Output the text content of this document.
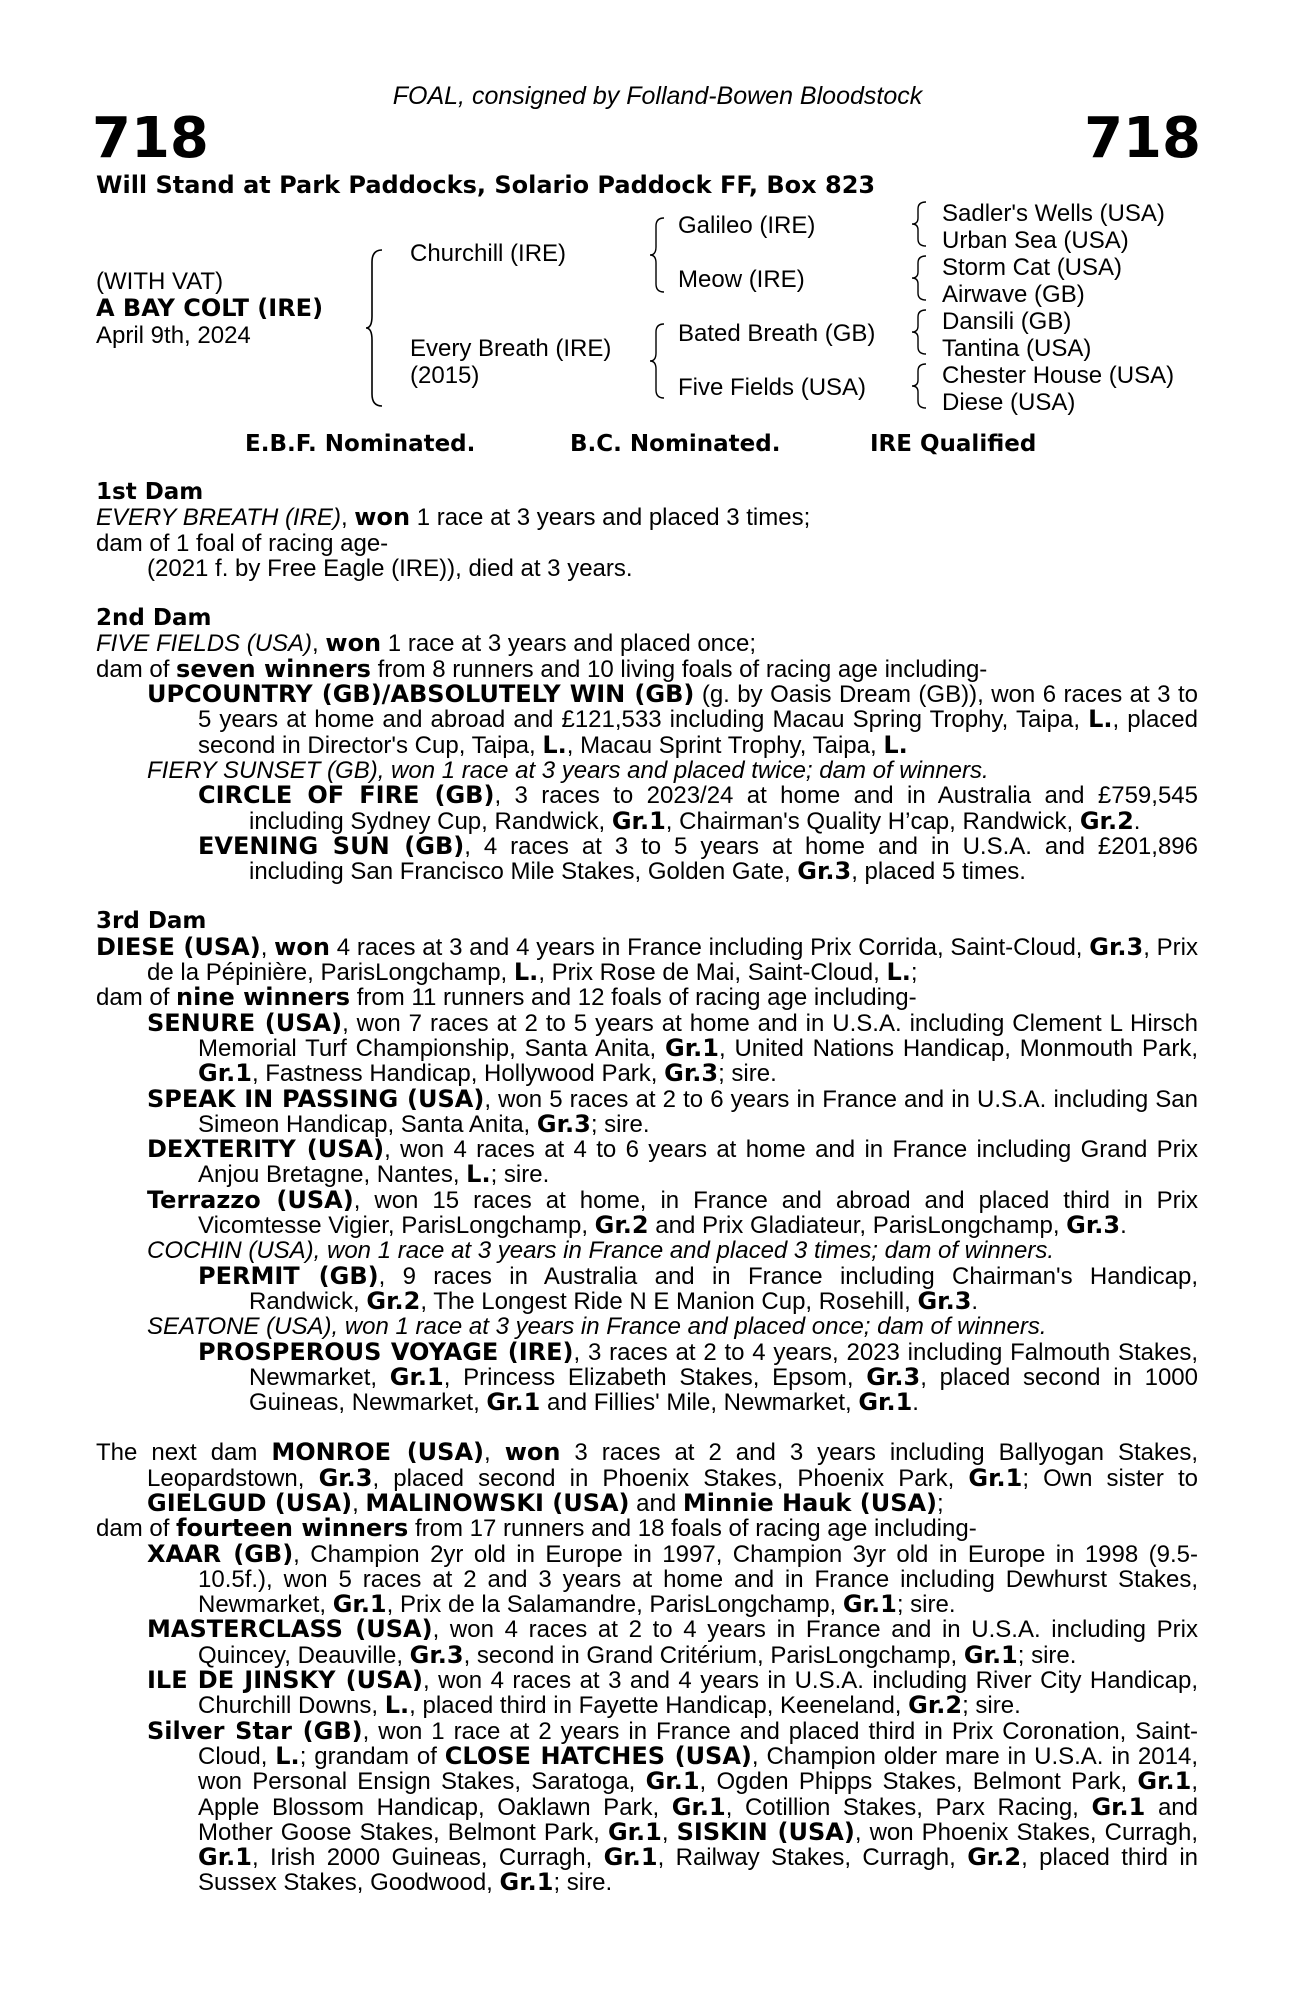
FOAL, consigned by Folland-Bowen Bloodstock
718	718
Will Stand at Park Paddocks, Solario Paddock FF, Box 823
(WITH VAT)
A BAY COLT (IRE)
April 9th, 2024
Churchill (IRE)
Every Breath (IRE)
(2015)
Galileo (IRE)
Meow (IRE)
Bated Breath (GB)
Five Fields (USA)
Sadler's Wells (USA)
Urban Sea (USA)
Storm Cat (USA)
Airwave (GB)
Dansili (GB)
Tantina (USA)
Chester House (USA)
Diese (USA)
E.B.F. Nominated.	B.C. Nominated.	IRE Qualified

1st Dam

EVERY BREATH (IRE), won 1 race at 3 years and placed 3 times;

dam of 1 foal of racing age-

(2021 f. by Free Eagle (IRE)), died at 3 years.

2nd Dam

FIVE FIELDS (USA), won 1 race at 3 years and placed once;

dam of seven winners from 8 runners and 10 living foals of racing age including-

UPCOUNTRY (GB)/ABSOLUTELY WIN (GB) (g. by Oasis Dream (GB)), won 6 races at 3 to 5 years at home and abroad and £121,533 including Macau Spring Trophy, Taipa, L., placed second in Director's Cup, Taipa, L., Macau Sprint Trophy, Taipa, L.

FIERY SUNSET (GB), won 1 race at 3 years and placed twice; dam of winners.

CIRCLE OF FIRE (GB), 3 races to 2023/24 at home and in Australia and £759,545 including Sydney Cup, Randwick, Gr.1, Chairman's Quality H’cap, Randwick, Gr.2.

EVENING SUN (GB), 4 races at 3 to 5 years at home and in U.S.A. and £201,896 including San Francisco Mile Stakes, Golden Gate, Gr.3, placed 5 times.

3rd Dam

DIESE (USA), won 4 races at 3 and 4 years in France including Prix Corrida, Saint-Cloud, Gr.3, Prix de la Pépinière, ParisLongchamp, L., Prix Rose de Mai, Saint-Cloud, L.;

dam of nine winners from 11 runners and 12 foals of racing age including-

SENURE (USA), won 7 races at 2 to 5 years at home and in U.S.A. including Clement L Hirsch Memorial Turf Championship, Santa Anita, Gr.1, United Nations Handicap, Monmouth Park, Gr.1, Fastness Handicap, Hollywood Park, Gr.3; sire.

SPEAK IN PASSING (USA), won 5 races at 2 to 6 years in France and in U.S.A. including San Simeon Handicap, Santa Anita, Gr.3; sire.

DEXTERITY (USA), won 4 races at 4 to 6 years at home and in France including Grand Prix Anjou Bretagne, Nantes, L.; sire.

Terrazzo (USA), won 15 races at home, in France and abroad and placed third in Prix Vicomtesse Vigier, ParisLongchamp, Gr.2 and Prix Gladiateur, ParisLongchamp, Gr.3.

COCHIN (USA), won 1 race at 3 years in France and placed 3 times; dam of winners.

PERMIT (GB), 9 races in Australia and in France including Chairman's Handicap, Randwick, Gr.2, The Longest Ride N E Manion Cup, Rosehill, Gr.3.

SEATONE (USA), won 1 race at 3 years in France and placed once; dam of winners.

PROSPEROUS VOYAGE (IRE), 3 races at 2 to 4 years, 2023 including Falmouth Stakes, Newmarket, Gr.1, Princess Elizabeth Stakes, Epsom, Gr.3, placed second in 1000 Guineas, Newmarket, Gr.1 and Fillies' Mile, Newmarket, Gr.1.

The next dam MONROE (USA), won 3 races at 2 and 3 years including Ballyogan Stakes, Leopardstown, Gr.3, placed second in Phoenix Stakes, Phoenix Park, Gr.1; Own sister to GIELGUD (USA), MALINOWSKI (USA) and Minnie Hauk (USA);

dam of fourteen winners from 17 runners and 18 foals of racing age including-

XAAR (GB), Champion 2yr old in Europe in 1997, Champion 3yr old in Europe in 1998 (9.5-10.5f.), won 5 races at 2 and 3 years at home and in France including Dewhurst Stakes, Newmarket, Gr.1, Prix de la Salamandre, ParisLongchamp, Gr.1; sire.

MASTERCLASS (USA), won 4 races at 2 to 4 years in France and in U.S.A. including Prix Quincey, Deauville, Gr.3, second in Grand Critérium, ParisLongchamp, Gr.1; sire.

ILE DE JINSKY (USA), won 4 races at 3 and 4 years in U.S.A. including River City Handicap, Churchill Downs, L., placed third in Fayette Handicap, Keeneland, Gr.2; sire.

Silver Star (GB), won 1 race at 2 years in France and placed third in Prix Coronation, Saint-Cloud, L.; grandam of CLOSE HATCHES (USA), Champion older mare in U.S.A. in 2014, won Personal Ensign Stakes, Saratoga, Gr.1, Ogden Phipps Stakes, Belmont Park, Gr.1, Apple Blossom Handicap, Oaklawn Park, Gr.1, Cotillion Stakes, Parx Racing, Gr.1 and Mother Goose Stakes, Belmont Park, Gr.1, SISKIN (USA), won Phoenix Stakes, Curragh, Gr.1, Irish 2000 Guineas, Curragh, Gr.1, Railway Stakes, Curragh, Gr.2, placed third in Sussex Stakes, Goodwood, Gr.1; sire.
